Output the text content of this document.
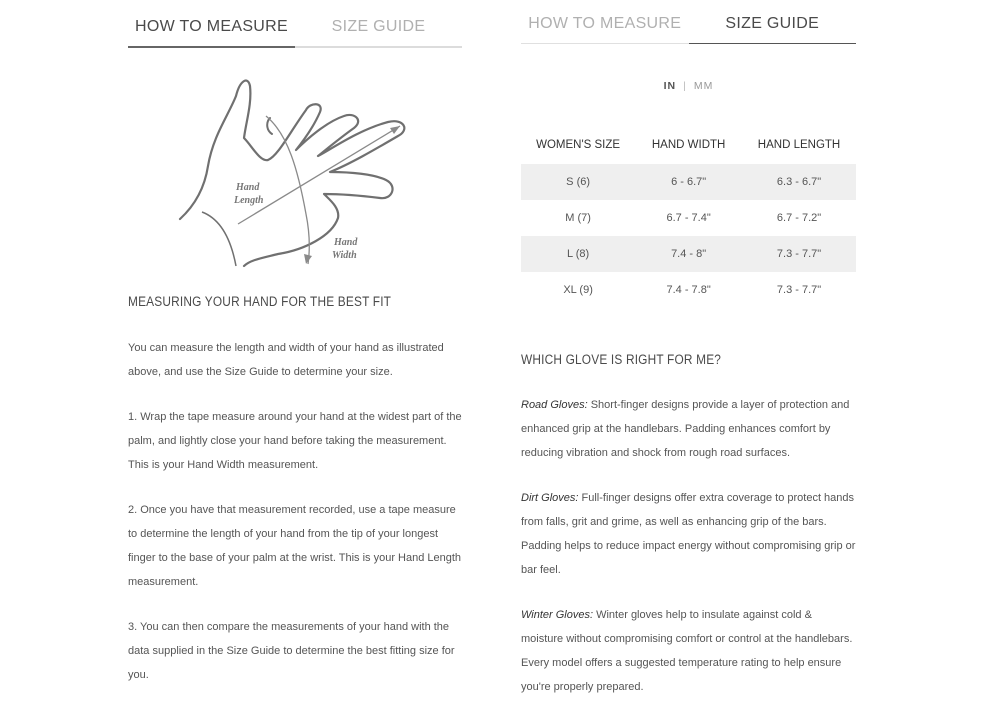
HOW TO MEASURE	SIZE GUIDE
Hand
Length
Hand
Width
MEASURING YOUR HAND FOR THE BEST FIT

You can measure the length and width of your hand as illustrated above, and use the Size Guide to determine your size.

1. Wrap the tape measure around your hand at the widest part of the palm, and lightly close your hand before taking the measurement. This is your Hand Width measurement.

2. Once you have that measurement recorded, use a tape measure to determine the length of your hand from the tip of your longest finger to the base of your palm at the wrist. This is your Hand Length measurement.

3. You can then compare the measurements of your hand with the data supplied in the Size Guide to determine the best fitting size for you.

HOW TO MEASURE	SIZE GUIDE
IN | MM
WOMEN'S SIZE	HAND WIDTH	HAND LENGTH
S (6)	6 - 6.7"	6.3 - 6.7"
M (7)	6.7 - 7.4"	6.7 - 7.2"
L (8)	7.4 - 8"	7.3 - 7.7"
XL (9)	7.4 - 7.8"	7.3 - 7.7"
WHICH GLOVE IS RIGHT FOR ME?

Road Gloves: Short-finger designs provide a layer of protection and enhanced grip at the handlebars. Padding enhances comfort by reducing vibration and shock from rough road surfaces.

Dirt Gloves: Full-finger designs offer extra coverage to protect hands from falls, grit and grime, as well as enhancing grip of the bars. Padding helps to reduce impact energy without compromising grip or bar feel.

Winter Gloves: Winter gloves help to insulate against cold & moisture without compromising comfort or control at the handlebars. Every model offers a suggested temperature rating to help ensure you're properly prepared.
